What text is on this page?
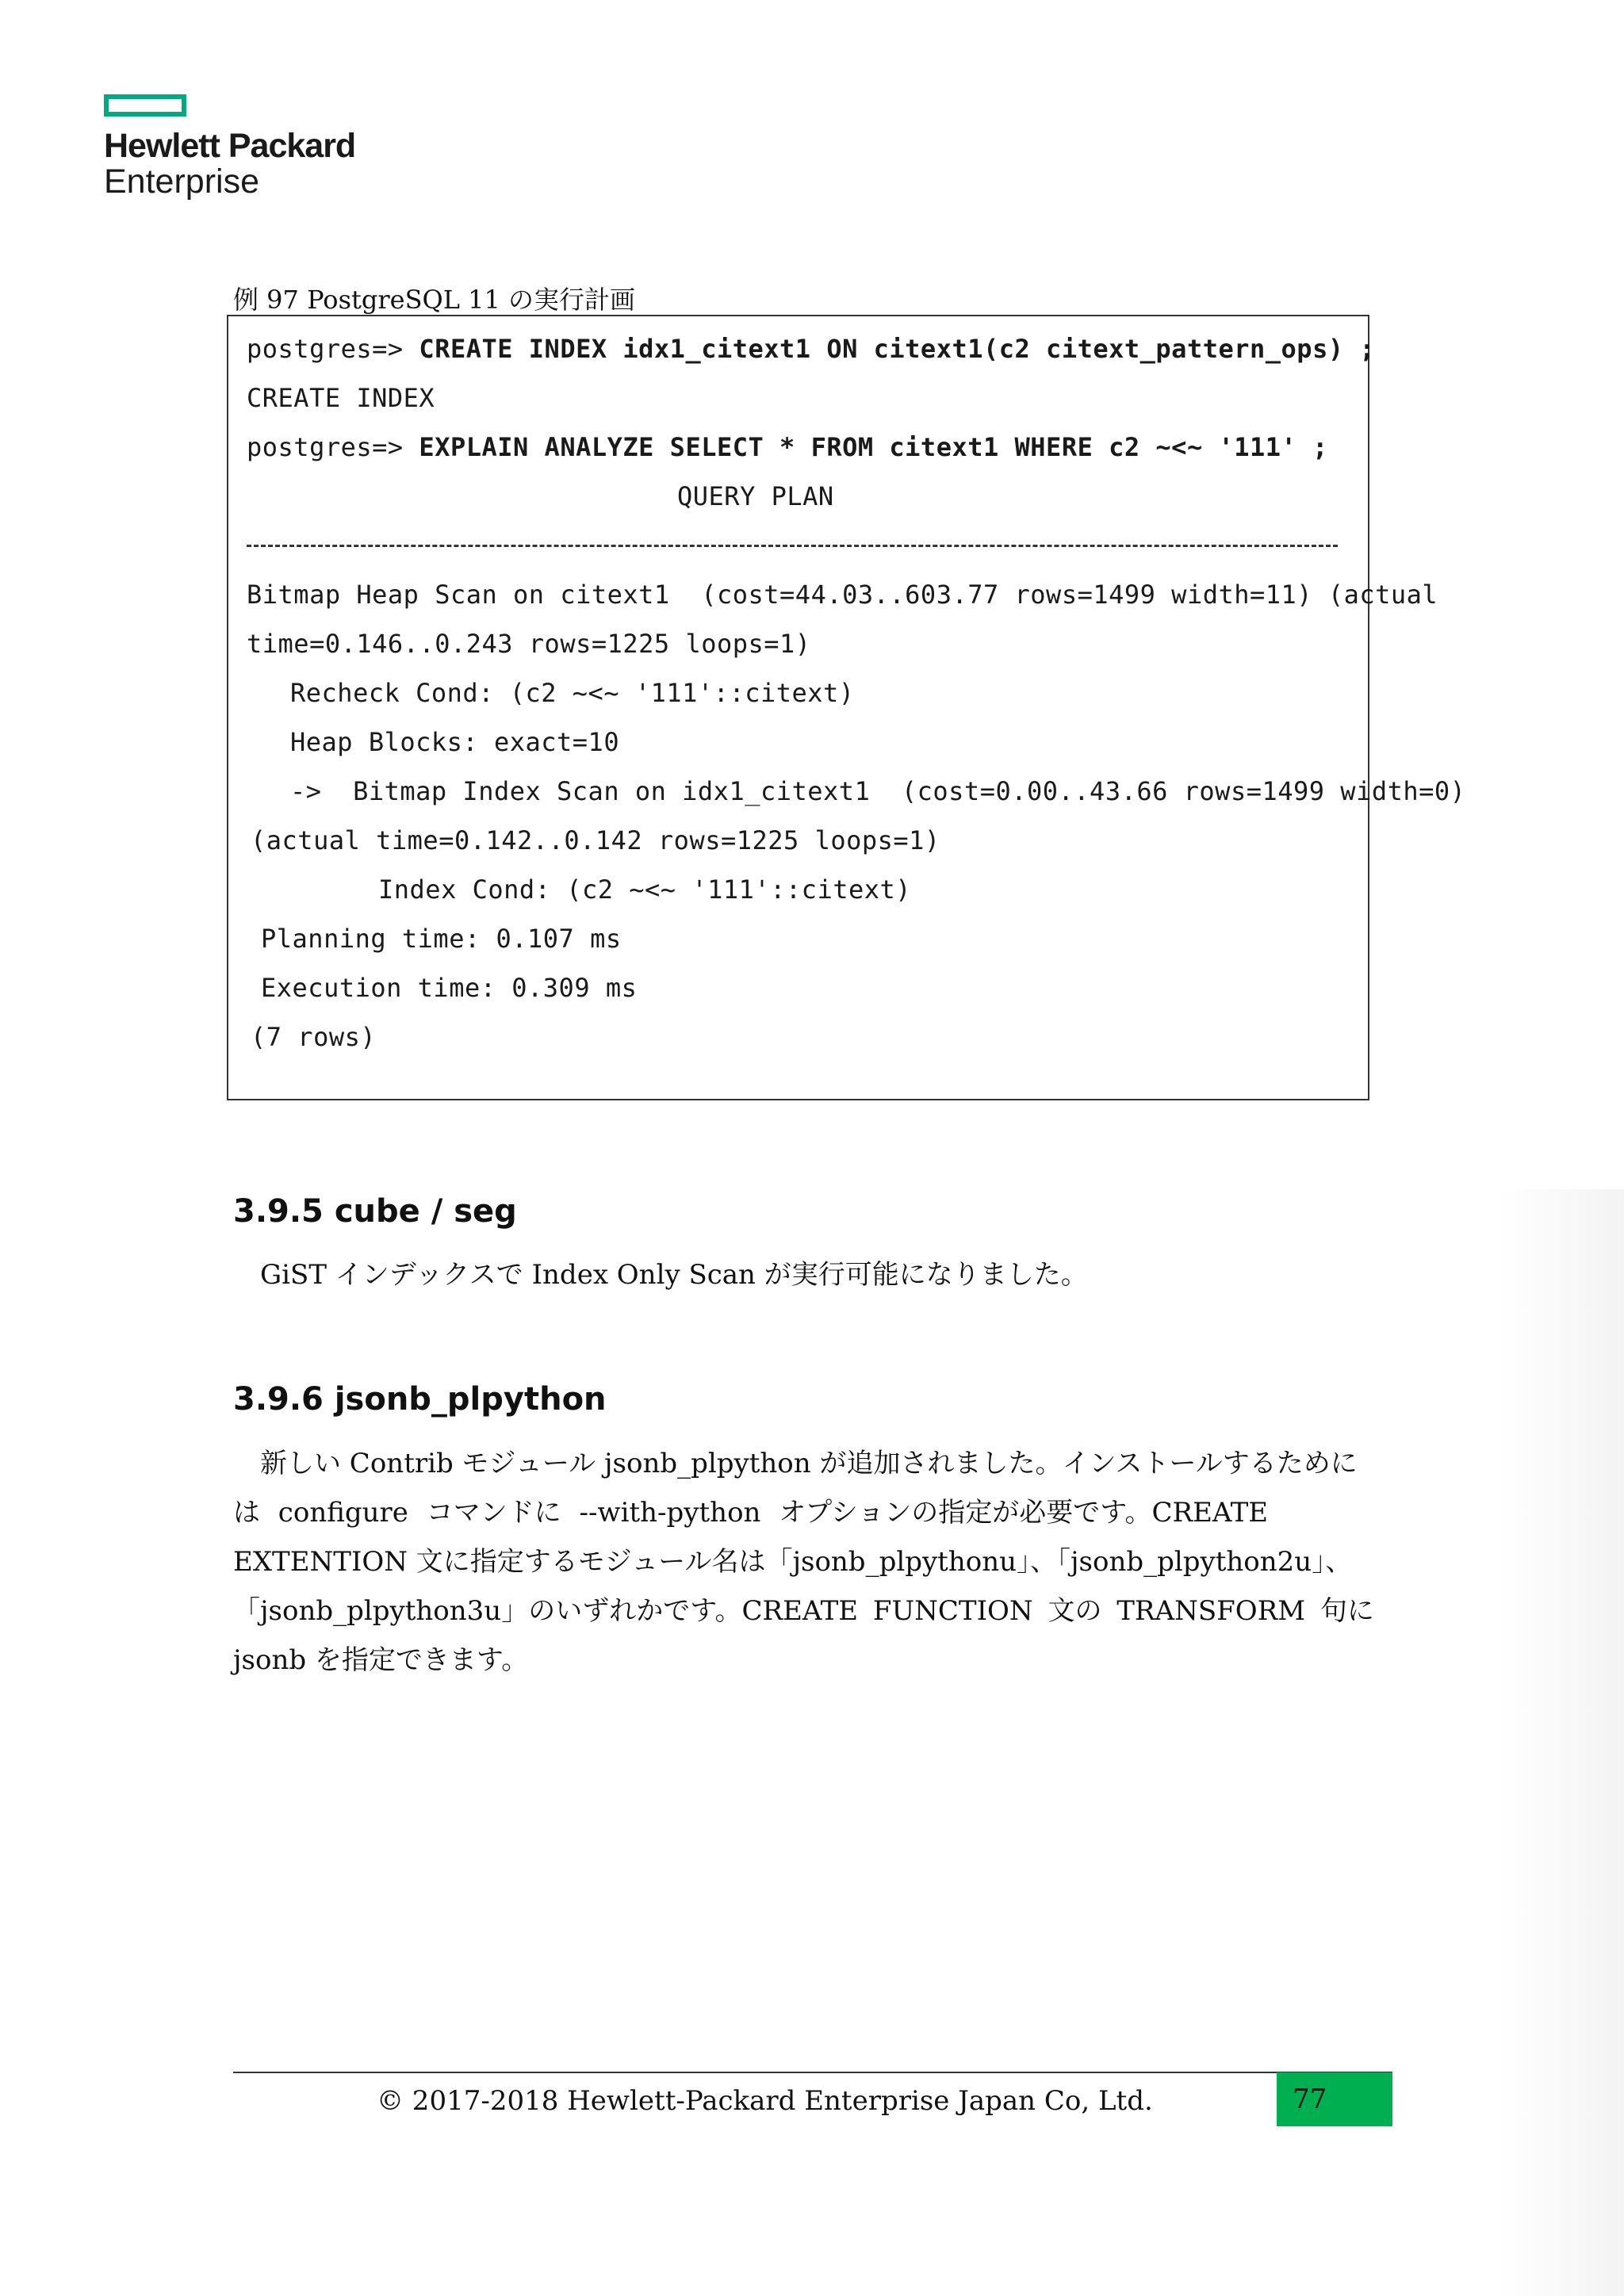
Hewlett Packard
Enterprise
例 97 PostgreSQL 11 の実行計画
postgres=> CREATE INDEX idx1_citext1 ON citext1(c2 citext_pattern_ops) ;
CREATE INDEX
postgres=> EXPLAIN ANALYZE SELECT * FROM citext1 WHERE c2 ~<~ '111' ;
QUERY PLAN
Bitmap Heap Scan on citext1  (cost=44.03..603.77 rows=1499 width=11) (actual
time=0.146..0.243 rows=1225 loops=1)
Recheck Cond: (c2 ~<~ '111'::citext)
Heap Blocks: exact=10
->  Bitmap Index Scan on idx1_citext1  (cost=0.00..43.66 rows=1499 width=0)
(actual time=0.142..0.142 rows=1225 loops=1)
Index Cond: (c2 ~<~ '111'::citext)
Planning time: 0.107 ms
Execution time: 0.309 ms
(7 rows)
3.9.5 cube / seg
GiST インデックスで Index Only Scan が実行可能になりました。
3.9.6 jsonb_plpython
新しい Contrib モジュール jsonb_plpython が追加されました。インストールするために
は configure コマンドに --with-python オプションの指定が必要です。CREATE
EXTENTION 文に指定するモジュール名は「jsonb_plpythonu」、「jsonb_plpython2u」、
「jsonb_plpython3u」のいずれかです。CREATE FUNCTION 文の TRANSFORM 句に
jsonb を指定できます。
© 2017-2018 Hewlett-Packard Enterprise Japan Co, Ltd.	77
